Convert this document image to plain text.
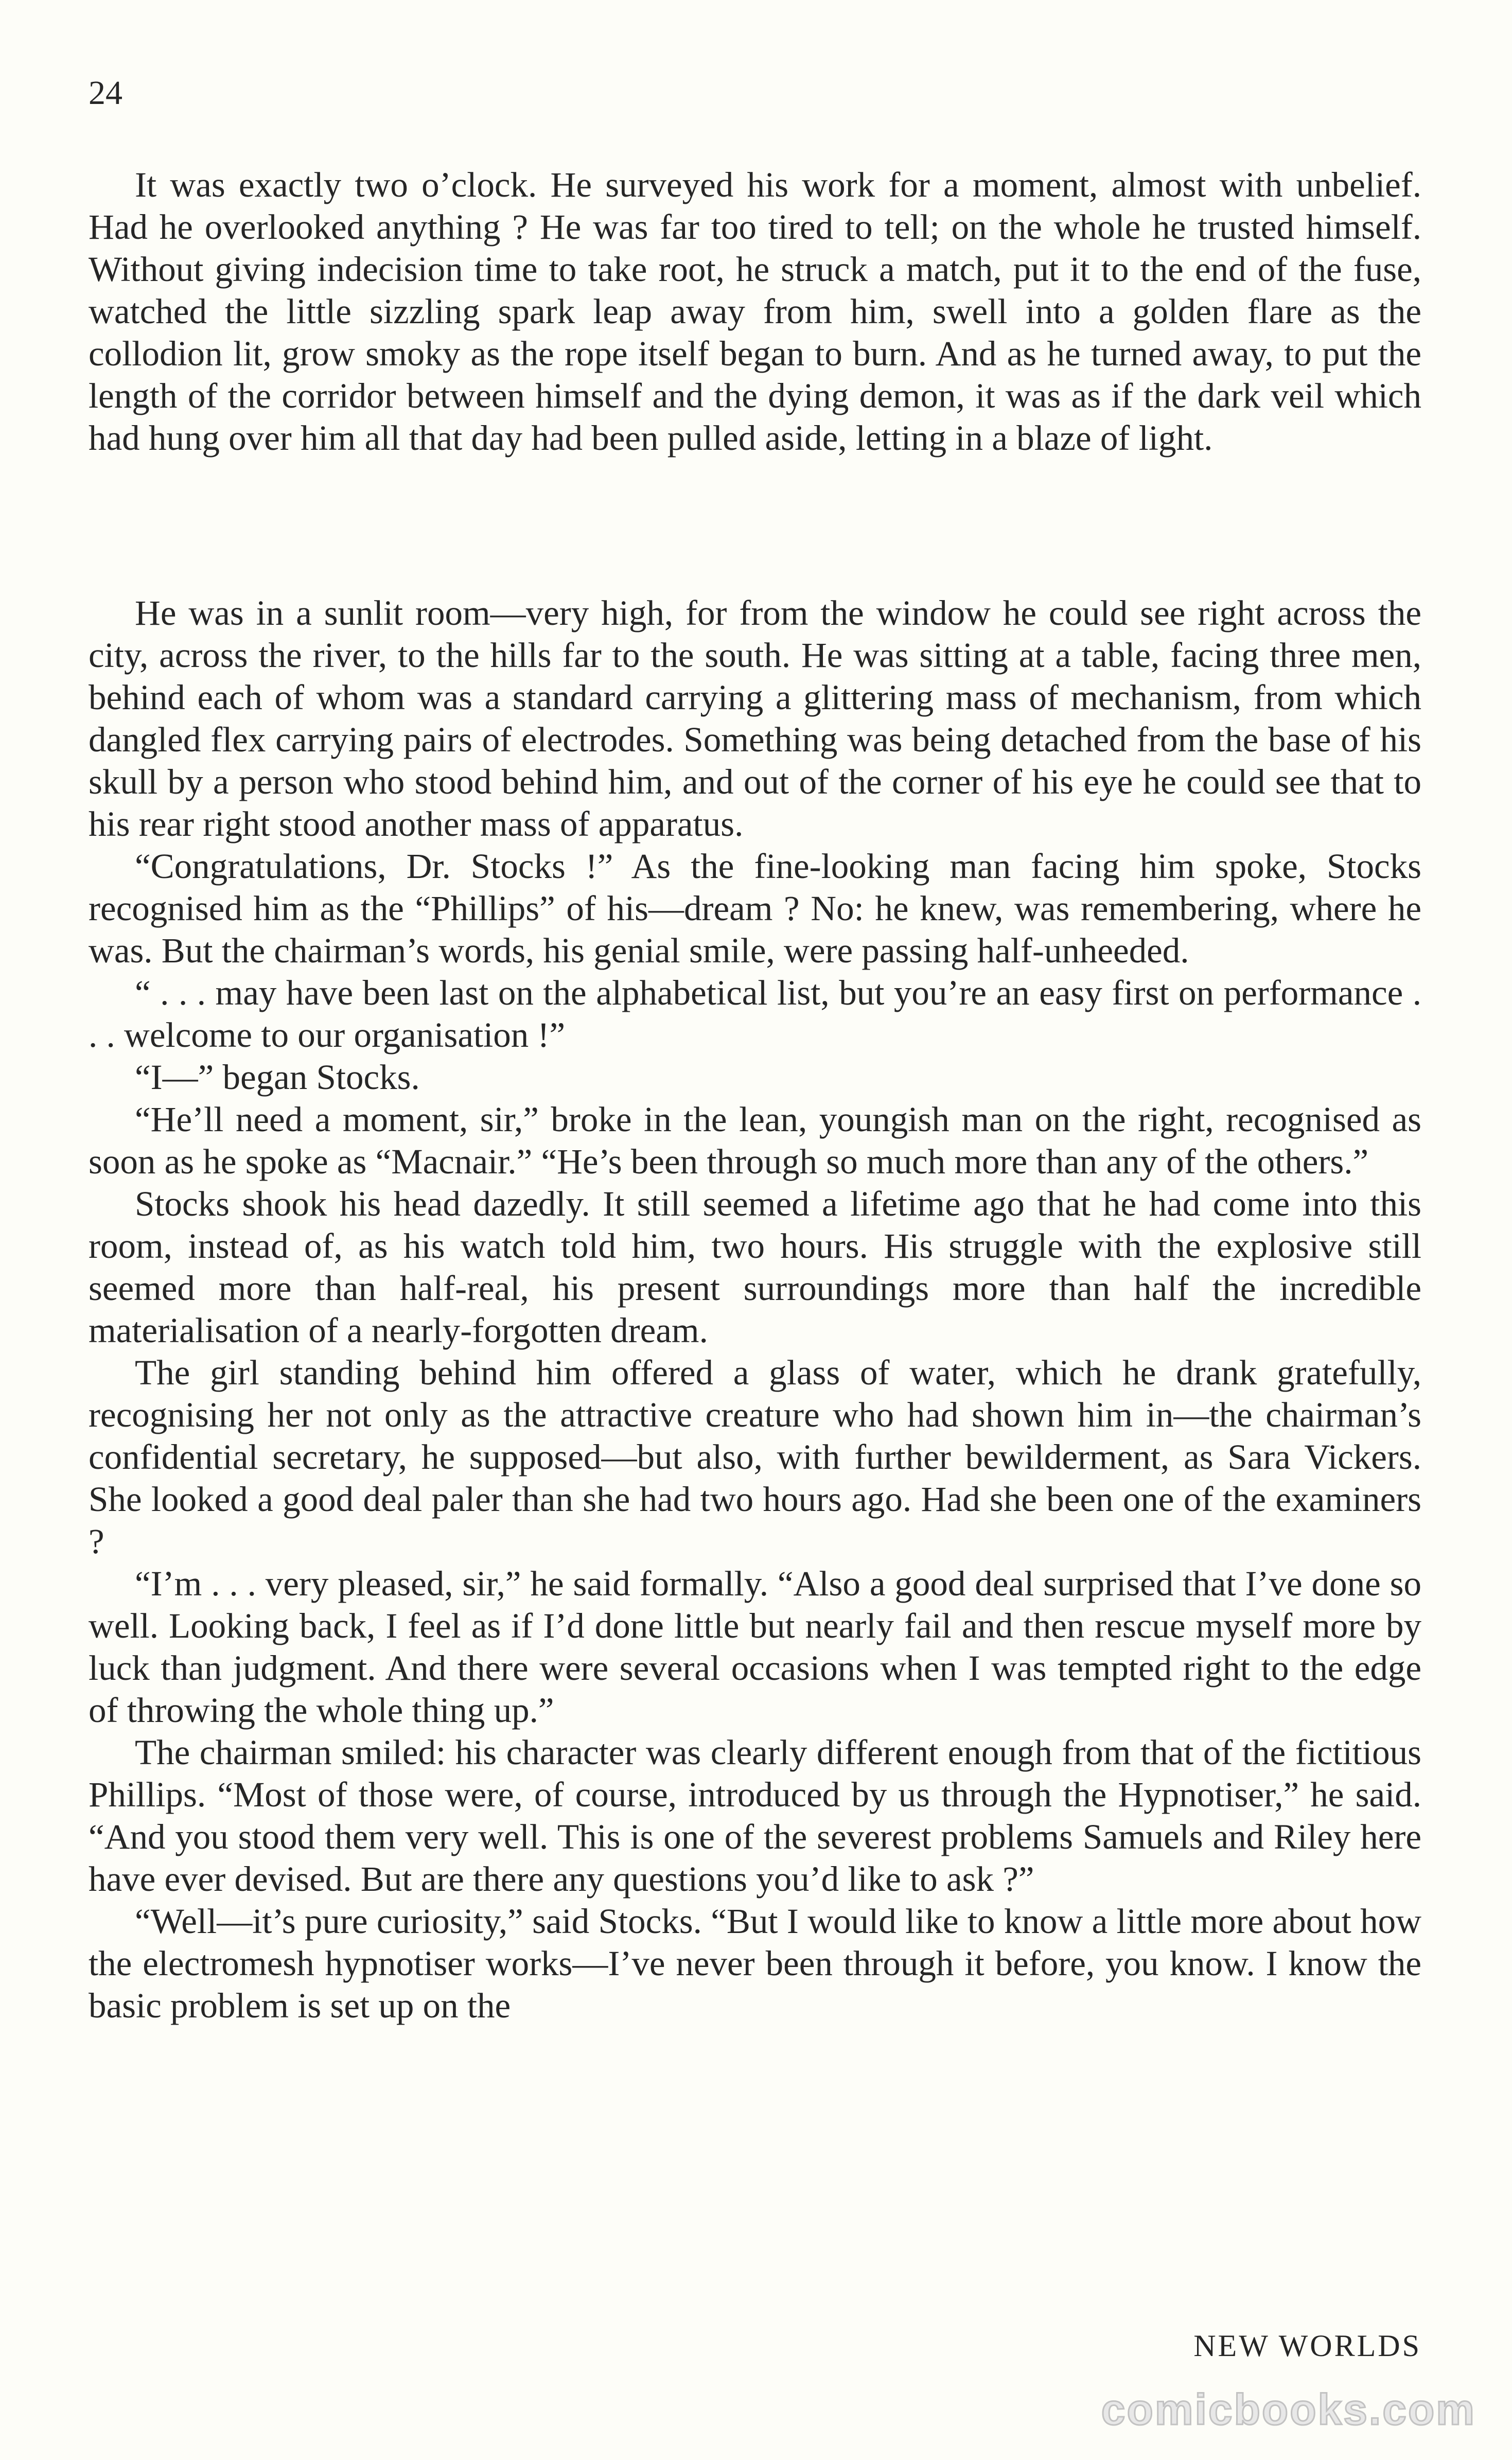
24

It was exactly two o’clock. He surveyed his work for a moment, almost with unbelief. Had he overlooked anything ? He was far too tired to tell; on the whole he trusted himself. Without giving indecision time to take root, he struck a match, put it to the end of the fuse, watched the little sizzling spark leap away from him, swell into a golden flare as the collodion lit, grow smoky as the rope itself began to burn. And as he turned away, to put the length of the corridor between himself and the dying demon, it was as if the dark veil which had hung over him all that day had been pulled aside, letting in a blaze of light.

He was in a sunlit room—very high, for from the window he could see right across the city, across the river, to the hills far to the south. He was sitting at a table, facing three men, behind each of whom was a standard carrying a glittering mass of mechanism, from which dangled flex carrying pairs of electrodes. Something was being detached from the base of his skull by a person who stood behind him, and out of the corner of his eye he could see that to his rear right stood another mass of apparatus.

“Congratulations, Dr. Stocks !” As the fine-looking man facing him spoke, Stocks recognised him as the “Phillips” of his—dream ? No: he knew, was remembering, where he was. But the chairman’s words, his genial smile, were passing half-unheeded.

“ . . . may have been last on the alphabetical list, but you’re an easy first on performance . . . welcome to our organisation !”

“I—” began Stocks.

“He’ll need a moment, sir,” broke in the lean, youngish man on the right, recognised as soon as he spoke as “Macnair.” “He’s been through so much more than any of the others.”

Stocks shook his head dazedly. It still seemed a lifetime ago that he had come into this room, instead of, as his watch told him, two hours. His struggle with the explosive still seemed more than half-real, his present surroundings more than half the incredible materialisation of a nearly-forgotten dream.

The girl standing behind him offered a glass of water, which he drank gratefully, recognising her not only as the attractive creature who had shown him in—the chairman’s confidential secretary, he supposed—but also, with further bewilderment, as Sara Vickers. She looked a good deal paler than she had two hours ago. Had she been one of the examiners ?

“I’m . . . very pleased, sir,” he said formally. “Also a good deal surprised that I’ve done so well. Looking back, I feel as if I’d done little but nearly fail and then rescue myself more by luck than judgment. And there were several occasions when I was tempted right to the edge of throwing the whole thing up.”

The chairman smiled: his character was clearly different enough from that of the fictitious Phillips. “Most of those were, of course, introduced by us through the Hypnotiser,” he said. “And you stood them very well. This is one of the severest problems Samuels and Riley here have ever devised. But are there any questions you’d like to ask ?”

“Well—it’s pure curiosity,” said Stocks. “But I would like to know a little more about how the electromesh hypnotiser works—I’ve never been through it before, you know. I know the basic problem is set up on the

NEW WORLDS
comicbooks.com
